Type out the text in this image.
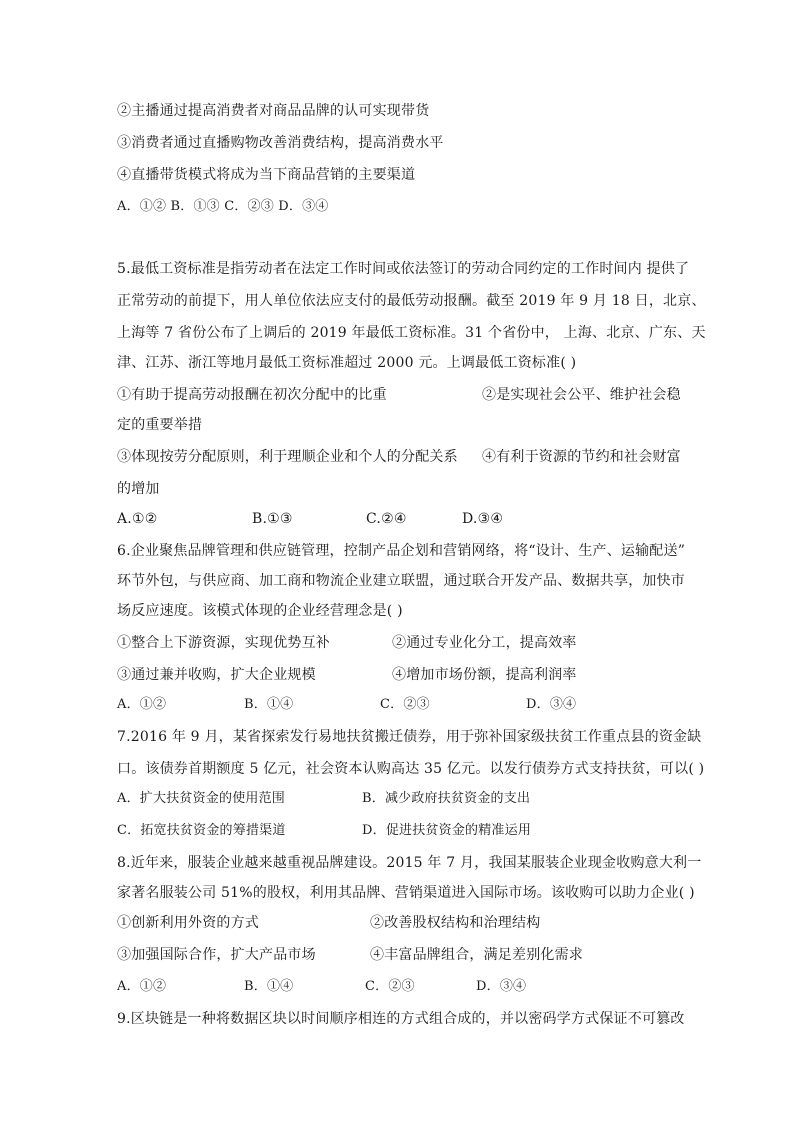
②主播通过提高消费者对商品品牌的认可实现带货
③消费者通过直播购物改善消费结构，提高消费水平
④直播带货模式将成为当下商品营销的主要渠道
A．①② B．①③ C．②③ D．③④
5.最低工资标准是指劳动者在法定工作时间或依法签订的劳动合同约定的工作时间内 提供了
正常劳动的前提下，用人单位依法应支付的最低劳动报酬。截至 2019 年 9 月 18 日，北京、
上海等 7 省份公布了上调后的 2019 年最低工资标准。31 个省份中， 上海、北京、广东、天
津、江苏、浙江等地月最低工资标准超过 2000 元。上调最低工资标准( )
①有助于提高劳动报酬在初次分配中的比重	②是实现社会公平、维护社会稳
定的重要举措
③体现按劳分配原则，利于理顺企业和个人的分配关系 ④有利于资源的节约和社会财富
的增加
A.①②	B.①③	C.②④	D.③④
6.企业聚焦品牌管理和供应链管理，控制产品企划和营销网络，将“设计、生产、运输配送”
环节外包，与供应商、加工商和物流企业建立联盟，通过联合开发产品、数据共享，加快市
场反应速度。该模式体现的企业经营理念是( )
①整合上下游资源，实现优势互补	②通过专业化分工，提高效率
③通过兼并收购，扩大企业规模	④增加市场份额，提高利润率
A．①②	B．①④	C．②③	D．③④
7.2016 年 9 月，某省探索发行易地扶贫搬迁债券，用于弥补国家级扶贫工作重点县的资金缺
口。该债券首期额度 5 亿元，社会资本认购高达 35 亿元。以发行债券方式支持扶贫，可以( )
A．扩大扶贫资金的使用范围	B．减少政府扶贫资金的支出
C．拓宽扶贫资金的筹措渠道	D．促进扶贫资金的精准运用
8.近年来，服装企业越来越重视品牌建设。2015 年 7 月，我国某服装企业现金收购意大利一
家著名服装公司 51%的股权，利用其品牌、营销渠道进入国际市场。该收购可以助力企业( )
①创新利用外资的方式	②改善股权结构和治理结构
③加强国际合作，扩大产品市场	④丰富品牌组合，满足差别化需求
A．①②	B．①④	C．②③	D．③④
9.区块链是一种将数据区块以时间顺序相连的方式组合成的，并以密码学方式保证不可篡改
